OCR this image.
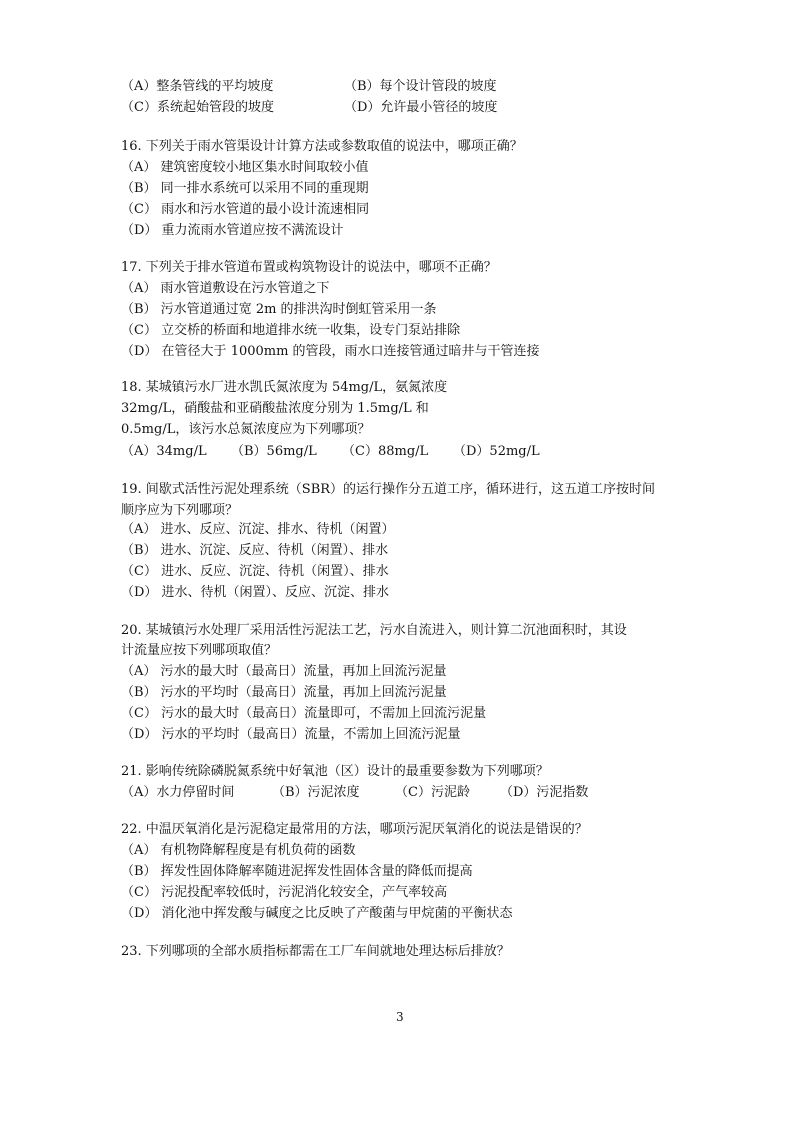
（A）整条管线的平均坡度	（B）每个设计管段的坡度
（C）系统起始管段的坡度	（D）允许最小管径的坡度
16. 下列关于雨水管渠设计计算方法或参数取值的说法中，哪项正确？
（A） 建筑密度较小地区集水时间取较小值
（B） 同一排水系统可以采用不同的重现期
（C） 雨水和污水管道的最小设计流速相同
（D） 重力流雨水管道应按不满流设计
17. 下列关于排水管道布置或构筑物设计的说法中，哪项不正确？
（A） 雨水管道敷设在污水管道之下
（B） 污水管道通过宽 2m 的排洪沟时倒虹管采用一条
（C） 立交桥的桥面和地道排水统一收集，设专门泵站排除
（D） 在管径大于 1000mm 的管段，雨水口连接管通过暗井与干管连接
18. 某城镇污水厂进水凯氏氮浓度为 54mg/L，氨氮浓度
32mg/L，硝酸盐和亚硝酸盐浓度分别为 1.5mg/L 和
0.5mg/L，该污水总氮浓度应为下列哪项？
（A）34mg/L （B）56mg/L （C）88mg/L （D）52mg/L
19. 间歇式活性污泥处理系统（SBR）的运行操作分五道工序，循环进行，这五道工序按时间
顺序应为下列哪项？
（A） 进水、反应、沉淀、排水、待机（闲置）
（B） 进水、沉淀、反应、待机（闲置）、排水
（C） 进水、反应、沉淀、待机（闲置）、排水
（D） 进水、待机（闲置）、反应、沉淀、排水
20. 某城镇污水处理厂采用活性污泥法工艺，污水自流进入，则计算二沉池面积时，其设
计流量应按下列哪项取值？
（A） 污水的最大时（最高日）流量，再加上回流污泥量
（B） 污水的平均时（最高日）流量，再加上回流污泥量
（C） 污水的最大时（最高日）流量即可，不需加上回流污泥量
（D） 污水的平均时（最高日）流量，不需加上回流污泥量
21. 影响传统除磷脱氮系统中好氧池（区）设计的最重要参数为下列哪项？
（A）水力停留时间	（B）污泥浓度	（C）污泥龄 （D）污泥指数
22. 中温厌氧消化是污泥稳定最常用的方法，哪项污泥厌氧消化的说法是错误的？
（A） 有机物降解程度是有机负荷的函数
（B） 挥发性固体降解率随进泥挥发性固体含量的降低而提高
（C） 污泥投配率较低时，污泥消化较安全，产气率较高
（D） 消化池中挥发酸与碱度之比反映了产酸菌与甲烷菌的平衡状态
23. 下列哪项的全部水质指标都需在工厂车间就地处理达标后排放？
3
